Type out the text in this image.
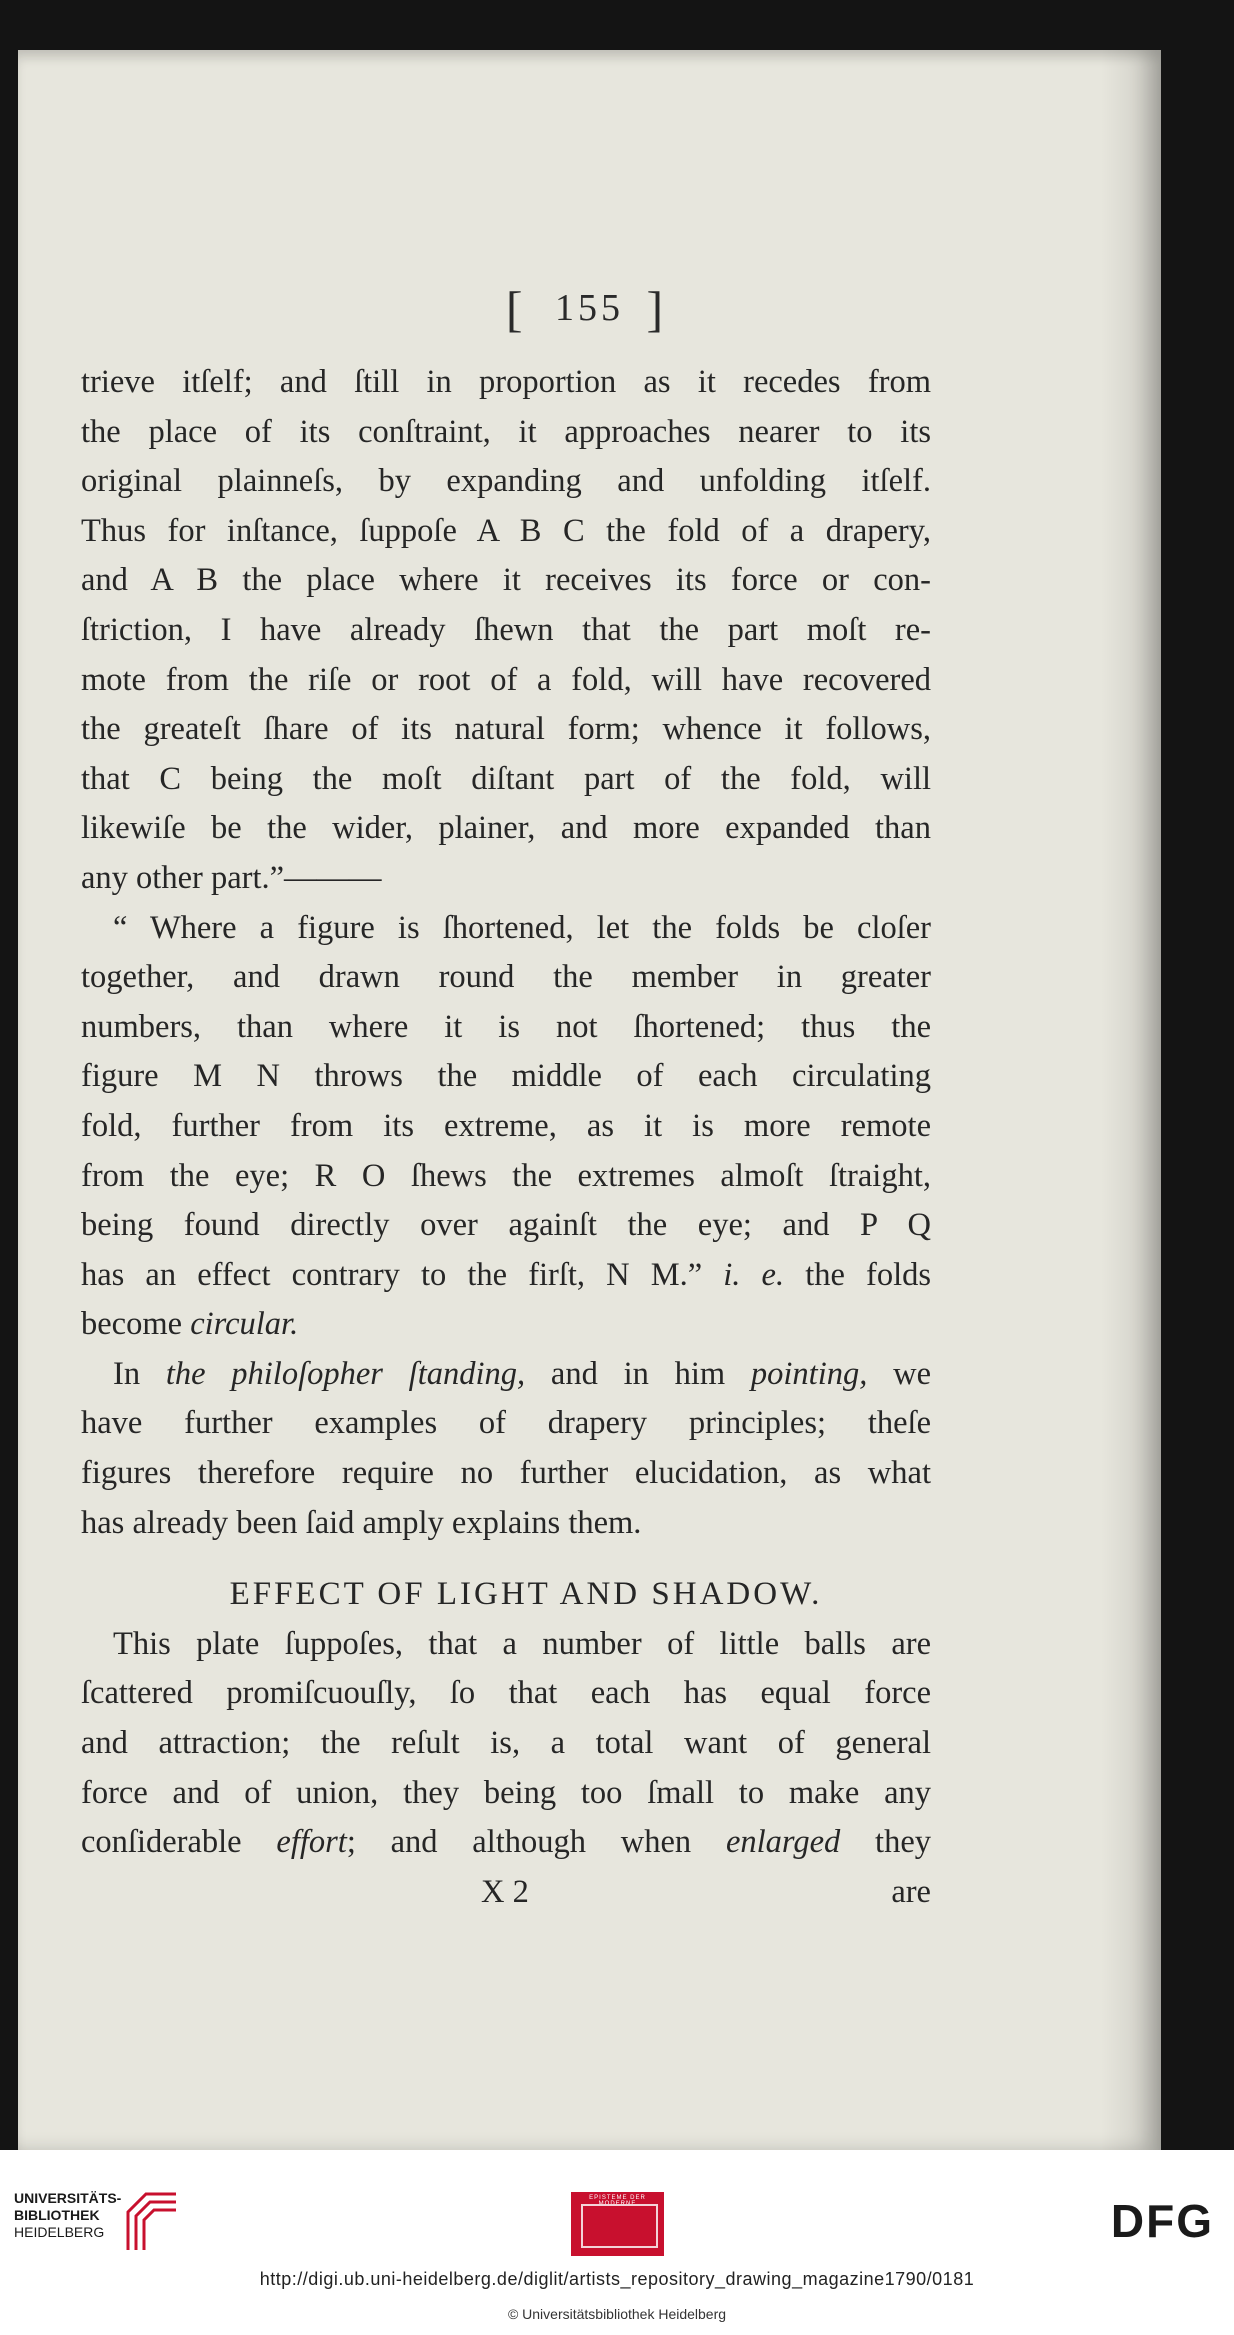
[ 155 ]
trieve itſelf; and ſtill in proportion as it recedes from
the place of its conſtraint, it approaches nearer to its
original plainneſs, by expanding and unfolding itſelf.
Thus for inſtance, ſuppoſe A B C the fold of a drapery,
and A B the place where it receives its force or con-
ſtriction, I have already ſhewn that the part moſt re-
mote from the riſe or root of a fold, will have recovered
the greateſt ſhare of its natural form; whence it follows,
that C being the moſt diſtant part of the fold, will
likewiſe be the wider, plainer, and more expanded than
any other part.”———
“ Where a figure is ſhortened, let the folds be cloſer
together, and drawn round the member in greater
numbers, than where it is not ſhortened; thus the
figure M N throws the middle of each circulating
fold, further from its extreme, as it is more remote
from the eye; R O ſhews the extremes almoſt ſtraight,
being found directly over againſt the eye; and P Q
has an effect contrary to the firſt, N M.” i. e. the folds
become circular.
In the philoſopher ſtanding, and in him pointing, we
have further examples of drapery principles; theſe
figures therefore require no further elucidation, as what
has already been ſaid amply explains them.
EFFECT OF LIGHT AND SHADOW.
This plate ſuppoſes, that a number of little balls are
ſcattered promiſcuouſly, ſo that each has equal force
and attraction; the reſult is, a total want of general
force and of union, they being too ſmall to make any
conſiderable effort; and although when enlarged they
X 2	are
UNIVERSITÄTS-
BIBLIOTHEK
HEIDELBERG
EPISTEME DER MODERNE	DFG
http://digi.ub.uni-heidelberg.de/diglit/artists_repository_drawing_magazine1790/0181
© Universitätsbibliothek Heidelberg
